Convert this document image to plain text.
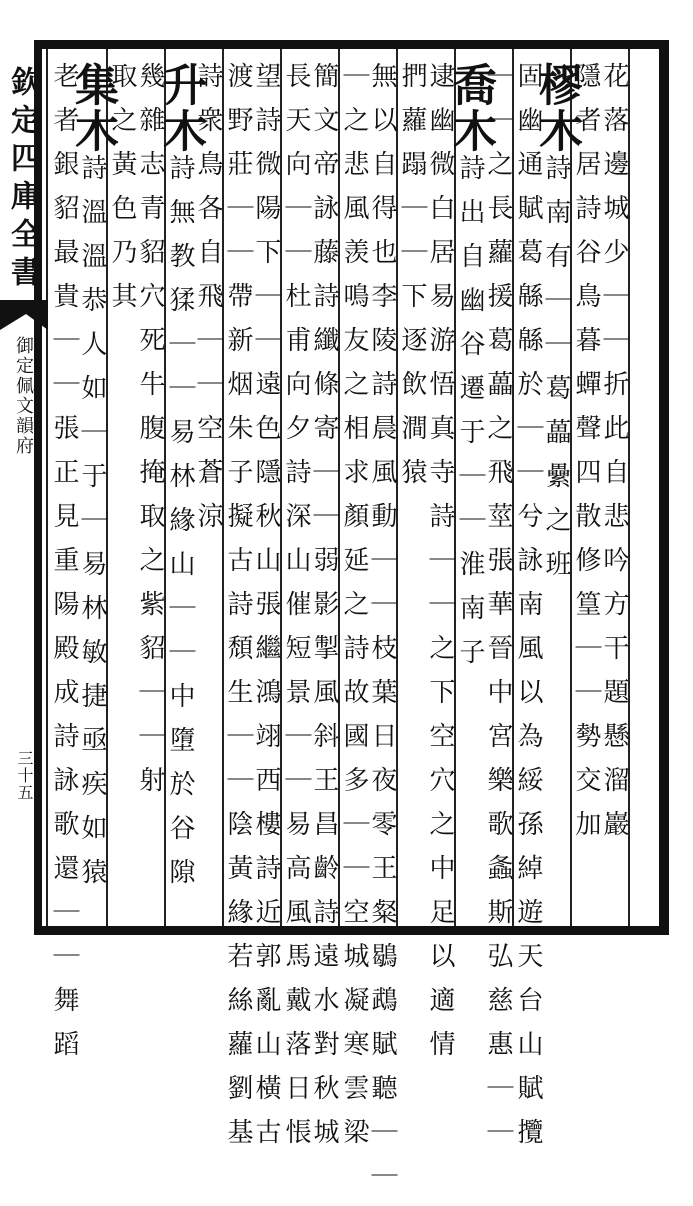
欽定四庫全書
御定佩文韻府
三十五	花落邊城少｜｜折此自悲吟方干題懸溜巖
隱者居詩谷鳥暮蟬聲四散修篁｜｜勢交加
樛木詩南有｜｜葛藟纍之班
固幽通賦葛緜緜於｜｜兮詠南風以為綏孫綽遊天台山賦攬
｜｜之長蘿援葛藟之飛莖張華晉中宮樂歌螽斯弘慈惠｜｜
喬木詩出自幽谷遷于｜｜淮南子
逮幽微白居易游悟真寺詩｜｜之下空穴之中足以適情
捫蘿蹋｜｜下逐飲澗猿
無以自得也李陵詩晨風動｜｜枝葉日夜零王粲鶡鵡賦聽｜｜
｜之悲風羡鳴友之相求顏延之詩故國多｜｜空城凝寒雲梁
簡文帝詠藤詩纖條寄｜｜弱影掣風斜王昌齡詩遠水對秋城
長天向｜｜杜甫向夕詩深山催短景｜｜易高風馬戴落日悵
望詩微陽下｜｜遠色隱秋山張繼鴻翊西樓詩近郭亂山橫古
渡野莊｜｜帶新烟朱子擬古詩頹生｜｜陰黃緣若絲蘿劉基
詩衆鳥各自飛｜｜空蒼涼
升木詩無教猱｜｜易林緣山｜｜中墮於谷隙
幾雜志青貂穴死牛腹掩取之紫貂｜｜射
取之黃色乃其
集木詩溫溫恭人如｜于｜易林敏捷亟疾如猿
老者銀貂最貴｜｜張正見重陽殿成詩詠歌還｜｜舞蹈
